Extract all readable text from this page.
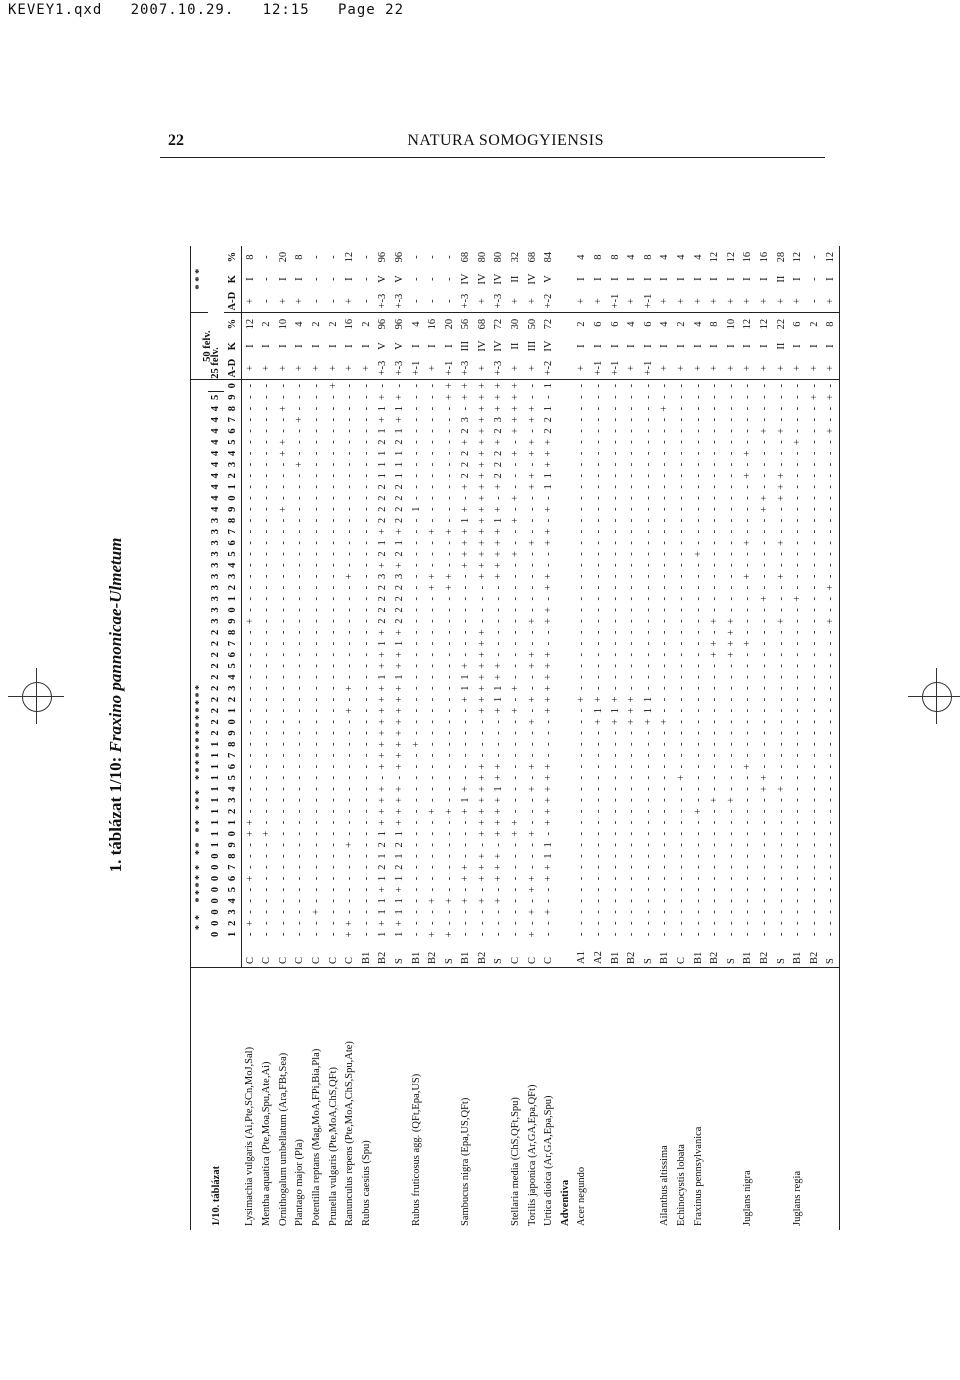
KEVEY1.qxd   2007.10.29.   12:15   Page 22
22	NATURA SOMOGYIENSIS
1. táblázat 1/10: Fraxino pannonicae-Ulmetum
1/10. táblázat		*  *     * * * *  *    * *    * *    * * *    * * * * * * * * * * * * *																																																		50 felv.			* * *		
		0	0	0	0	0	0	0	0	1	1	1	1	1	1	1	1	1	1	2	2	2	2	2	2	2	2	2	2	3	3	3	3	3	3	3	3	3	3	4	4	4	4	4	4	4	4	4	4	5	25 felv.						
		1	2	3	4	5	6	7	8	9	0	1	2	3	4	5	6	7	8	9	0	1	2	3	4	5	6	7	8	9	0	1	2	3	4	5	6	7	8	9	0	1	2	3	4	5	6	7	8	9	0	A-D	K	%	A-D	K	%
Lysimachia vulgaris (Ai,Pte,SCn,MoJ,Sal)	C	-	+	-	-	-	+	-	-	-	+	+	-	-	-	-	-	-	-	-	-	-	-	-	-	-	-	-	-	+	-	-	-	-	-	-	-	-	-	-	-	-	-	-	-	-	-	-	-	-	-	+	I	12	+	I	8
Mentha aquatica (Pte,Moa,Spu,Ate,Ai)	C	-	-	-	-	-	-	-	-	-	+	-	-	-	-	-	-	-	-	-	-	-	-	-	-	-	-	-	-	-	-	-	-	-	-	-	-	-	-	-	-	-	-	-	-	-	-	-	-	-	-	+	I	2	-	-	-
Ornithogalum umbellatum (Ara,FBt,Sea)	C	-	-	-	-	-	-	-	-	-	-	-	-	-	-	-	-	-	-	-	-	-	-	-	-	-	-	-	-	-	-	-	-	-	-	-	-	-	-	+	-	-	-	-	+	+	-	-	+	-	-	+	I	10	+	I	20
Plantago major (Pla)	C	-	-	-	-	-	-	-	-	-	-	-	-	-	-	-	-	-	-	-	-	-	-	-	-	-	-	-	-	-	-	-	-	-	-	-	-	-	-	-	-	-	-	+	-	-	-	+	-	-	-	+	I	4	+	I	8
Potentilla reptans (Mag,MoA,FPi,Bia,Pla)	C	-	-	+	-	-	-	-	-	-	-	-	-	-	-	-	-	-	-	-	-	-	-	-	-	-	-	-	-	-	-	-	-	-	-	-	-	-	-	-	-	-	-	-	-	-	-	-	-	-	-	+	I	2	-	-	-
Prunella vulgaris (Pte,MoA,ChS,QFt)	C	-	-	-	-	-	-	-	-	-	-	-	-	-	-	-	-	-	-	-	-	-	-	-	-	-	-	-	-	-	-	-	-	-	-	-	-	-	-	-	-	-	-	-	-	-	-	-	-	-	+	+	I	2	-	-	-
Ranunculus repens (Pte,MoA,ChS,Spu,Ate)	C	+	+	-	-	-	-	-	-	+	-	-	-	-	-	-	-	-	-	-	-	+	-	+	-	-	-	-	-	-	-	-	-	+	-	-	-	-	-	-	-	-	-	-	-	-	-	-	-	-	-	+	I	16	+	I	12
Rubus caesius (Spu)	B1	-	-	-	-	-	-	-	-	-	-	-	-	-	-	-	-	-	-	-	-	-	-	-	-	-	-	-	-	-	-	-	-	-	-	-	-	-	-	-	-	-	-	-	-	-	-	-	-	-	-	+	I	2	-	-	-
	B2	1	+	1	1	+	1	2	1	2	1	+	+	+	+	-	+	+	+	+	+	+	+	+	1	+	+	1	+	2	2	2	2	3	+	2	1	+	2	2	2	2	1	1	1	2	1	+	1	+	-	+-3	V	96	+-3	V	96
	S	1	+	1	1	+	1	2	1	2	1	+	+	+	+	-	+	+	+	+	+	+	+	+	1	+	+	1	+	2	2	2	2	3	+	2	1	+	2	2	2	2	1	1	1	2	1	+	1	+	-	+-3	V	96	+-3	V	96
Rubus fruticosus agg. (QFt,Epa,US)	B1	-	-	-	-	-	-	-	-	-	-	-	-	-	-	-	-	-	+	-	-	-	-	-	-	-	-	-	-	-	-	-	-	-	-	-	-	-	-	1	-	-	-	-	-	-	-	-	-	-	-	+-1	I	4	-	-	-
	B2	+	-	-	+	-	-	-	-	-	-	-	+	-	-	-	-	-	-	-	-	-	-	-	-	-	-	-	-	-	-	-	+	+	-	-	-	+	-	-	-	-	-	-	-	-	-	-	-	-	-	+	I	16	-	-	-
	S	+	-	-	+	-	-	-	-	-	-	-	+	-	-	-	-	-	-	-	-	-	-	-	-	-	-	-	-	-	-	-	+	+	-	-	-	+	-	-	-	-	-	-	-	-	-	-	-	+	+	+-1	I	20	-	-	-
Sambucus nigra (Epa,US,QFt)	B1	-	-	-	+	-	+	+	-	-	-	-	+	1	+	-	-	-	-	-	-	-	+	1	1	+	-	-	-	-	-	-	-	-	+	+	+	+	1	+	-	+	2	2	2	+	2	3	-	+	+	+-3	III	56	+-3	IV	68
	B2	-	-	-	+	-	+	+	+	-	+	+	+	+	+	+	+	-	-	-	-	+	+	+	+	+	+	+	+	-	-	-	-	+	+	+	+	+	+	+	+	+	+	+	+	+	+	+	+	+	+	+	IV	68	+	IV	80
	S	-	-	-	+	-	+	+	+	-	+	+	+	+	1	+	+	-	-	-	-	+	1	1	+	+	-	-	-	-	-	-	-	+	+	+	+	+	1	+	-	+	2	2	2	+	2	3	+	+	+	+-3	IV	72	+-3	IV	80
Stellaria media (ChS,QFt,Spu)	C	-	-	-	-	-	-	-	-	-	+	+	-	-	-	-	-	-	-	-	-	+	-	+	-	-	-	-	-	-	-	-	-	-	-	+	-	-	+	-	+	-	-	-	+	-	+	+	+	+	+	+	II	30	+	II	32
Torilis japonica (Ar,GA,Epa,QFt)	C	+	-	+	-	+	+	-	-	-	+	-	-	-	+	-	+	-	-	-	+	-	+	-	-	+	+	-	-	+	-	-	-	-	-	-	+	-	-	-	-	+	+	-	+	+	-	+	+	-	-	+	III	50	+	IV	68
Urtica dioica (Ar,GA,Epa,Spu)	C	-	-	+	-	-	+	+	1	1	-	+	+	+	+	+	+	-	-	-	-	+	+	+	+	+	+	-	-	+	+	-	+	+	-	-	+	+	-	+	-	1	1	+	+	+	2	2	1	-	1	+-2	IV	72	+-2	V	84
Adventiva																																																									
Acer negundo	A1	-	-	-	-	-	-	-	-	-	-	-	-	-	-	-	-	-	-	-	-	-	+	-	-	-	-	-	-	-	-	-	-	-	-	-	-	-	-	-	-	-	-	-	-	-	-	-	-	-	-	+	I	2	+	I	4
	A2	-	-	-	-	-	-	-	-	-	-	-	-	-	-	-	-	-	-	-	+	1	+	-	-	-	-	-	-	-	-	-	-	-	-	-	-	-	-	-	-	-	-	-	-	-	-	-	-	-	-	+-1	I	6	+	I	8
	B1	-	-	-	-	-	-	-	-	-	-	-	-	-	-	-	-	-	-	-	+	1	+	-	-	-	-	-	-	-	-	-	-	-	-	-	-	-	-	-	-	-	-	-	-	-	-	-	-	-	-	+-1	I	6	+-1	I	8
	B2	-	-	-	-	-	-	-	-	-	-	-	-	-	-	-	-	-	-	-	+	+	+	-	-	-	-	-	-	-	-	-	-	-	-	-	-	-	-	-	-	-	-	-	-	-	-	-	-	-	-	+	I	4	+	I	4
	S	-	-	-	-	-	-	-	-	-	-	-	-	-	-	-	-	-	-	-	+	1	1	-	-	-	-	-	-	-	-	-	-	-	-	-	-	-	-	-	-	-	-	-	-	-	-	-	-	-	-	+-1	I	6	+-1	I	8
Ailanthus altissima	B1	-	-	-	-	-	-	-	-	-	-	-	-	-	-	-	-	-	-	-	+	-	-	-	-	-	-	-	-	-	-	-	-	-	-	-	-	-	-	-	-	-	-	-	-	-	-	-	+	-	-	+	I	4	+	I	4
Echinocystis lobata	C	-	-	-	-	-	-	-	-	-	-	-	-	-	-	+	-	-	-	-	-	-	-	-	-	-	-	-	-	-	-	-	-	-	-	-	-	-	-	-	-	-	-	-	-	-	-	-	-	-	-	+	I	2	+	I	4
Fraxinus pennsylvanica	B1	-	-	-	-	-	-	-	-	-	-	-	+	-	-	-	-	-	-	-	-	-	-	-	-	-	-	-	-	-	-	-	-	-	-	+	-	-	-	-	-	-	-	-	-	-	-	-	-	-	-	+	I	4	+	I	4
	B2	-	-	-	-	-	-	-	-	-	-	-	-	+	-	-	-	-	-	-	-	-	-	-	-	-	+	+	-	+	-	-	-	-	-	-	-	-	-	-	-	-	-	-	-	-	-	-	-	-	-	+	I	8	+	I	12
	S	-	-	-	-	-	-	-	-	-	-	-	-	+	-	-	-	-	-	-	-	-	-	-	-	-	+	+	+	+	-	-	-	-	-	-	-	-	-	-	-	-	-	-	-	-	-	-	-	-	-	+	I	10	+	I	12
Juglans nigra	B1	-	-	-	-	-	-	-	-	-	-	-	-	-	-	-	+	-	-	-	-	-	-	-	-	-	-	+	-	-	-	-	-	+	-	-	+	-	-	-	-	-	+	-	+	-	-	-	-	-	-	+	I	12	+	I	16
	B2	-	-	-	-	-	-	-	-	-	-	-	-	-	+	+	-	-	-	-	-	-	-	-	-	-	-	-	-	-	-	+	-	-	-	-	-	-	-	+	+	-	-	-	-	-	+	-	-	-	-	+	I	12	+	I	16
	S	-	-	-	-	-	-	-	-	-	-	-	-	-	+	-	-	-	-	-	-	-	-	-	-	-	-	-	-	+	-	-	-	+	-	-	+	-	-	-	+	+	+	-	-	-	+	-	-	-	-	+	II	22	+	II	28
Juglans regia	B1	-	-	-	-	-	-	-	-	-	-	-	-	-	-	-	-	-	-	-	-	-	-	-	-	-	-	-	-	-	-	+	-	-	-	-	-	-	-	-	-	-	-	-	-	+	-	-	-	-	-	+	I	6	+	I	12
	B2	-	-	-	-	-	-	-	-	-	-	-	-	-	-	-	-	-	-	-	-	-	-	-	-	-	-	-	-	-	-	-	-	-	-	-	-	-	-	-	-	-	-	-	-	-	-	-	-	+	-	+	I	2	-	-	-
	S	-	-	-	-	-	-	-	-	-	-	-	-	-	-	-	-	-	-	-	-	-	-	-	-	-	-	-	-	+	-	-	+	-	-	-	-	-	-	-	-	-	-	-	-	-	+	-	-	+	-	+	I	8	+	I	12
